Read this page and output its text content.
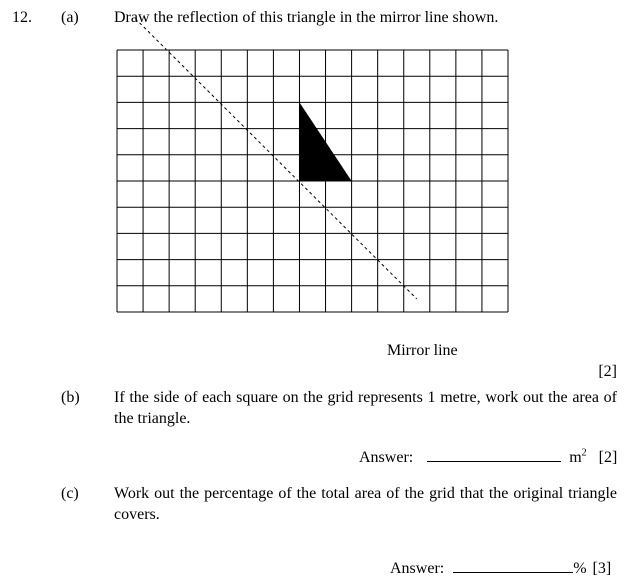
12. (a) Draw the reflection of this triangle in the mirror line shown.
Mirror line
[2]
(b) If the side of each square on the grid represents 1 metre, work out the area of the triangle.
Answer:	$m^2$ [2]
(c) Work out the percentage of the total area of the grid that the original triangle covers.
Answer:	% [3]
